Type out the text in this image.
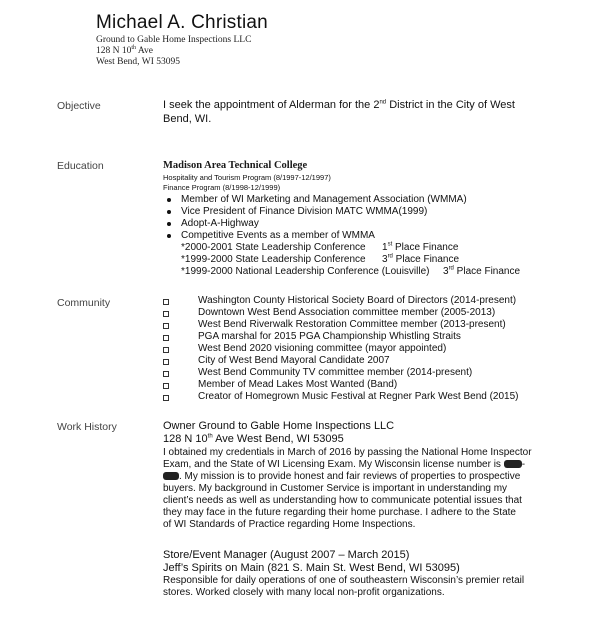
Michael A. Christian
Ground to Gable Home Inspections LLC
128 N 10th Ave
West Bend, WI 53095
Objective	I seek the appointment of Alderman for the 2nd District in the City of West
Bend, WI.
Education	Madison Area Technical College
Hospitality and Tourism Program (8/1997-12/1997)
Finance Program (8/1998-12/1999)
Member of WI Marketing and Management Association (WMMA)
Vice President of Finance Division MATC WMMA(1999)
Adopt-A-Highway
Competitive Events as a member of WMMA
*2000-2001 State Leadership Conference 1st Place Finance
*1999-2000 State Leadership Conference 3rd Place Finance
*1999-2000 National Leadership Conference (Louisville) 3rd Place Finance
Community	Washington County Historical Society Board of Directors (2014-present)
Downtown West Bend Association committee member (2005-2013)
West Bend Riverwalk Restoration Committee member (2013-present)
PGA marshal for 2015 PGA Championship Whistling Straits
West Bend 2020 visioning committee (mayor appointed)
City of West Bend Mayoral Candidate 2007
West Bend Community TV committee member (2014-present)
Member of Mead Lakes Most Wanted (Band)
Creator of Homegrown Music Festival at Regner Park West Bend (2015)
Work History	Owner Ground to Gable Home Inspections LLC
128 N 10th Ave West Bend, WI 53095
I obtained my credentials in March of 2016 by passing the National Home Inspector
Exam, and the State of WI Licensing Exam. My Wisconsin license number is -
. My mission is to provide honest and fair reviews of properties to prospective
buyers. My background in Customer Service is important in understanding my
client’s needs as well as understanding how to communicate potential issues that
they may face in the future regarding their home purchase. I adhere to the State
of WI Standards of Practice regarding Home Inspections.
Store/Event Manager (August 2007 – March 2015)
Jeff’s Spirits on Main (821 S. Main St. West Bend, WI 53095)
Responsible for daily operations of one of southeastern Wisconsin’s premier retail
stores. Worked closely with many local non-profit organizations.
